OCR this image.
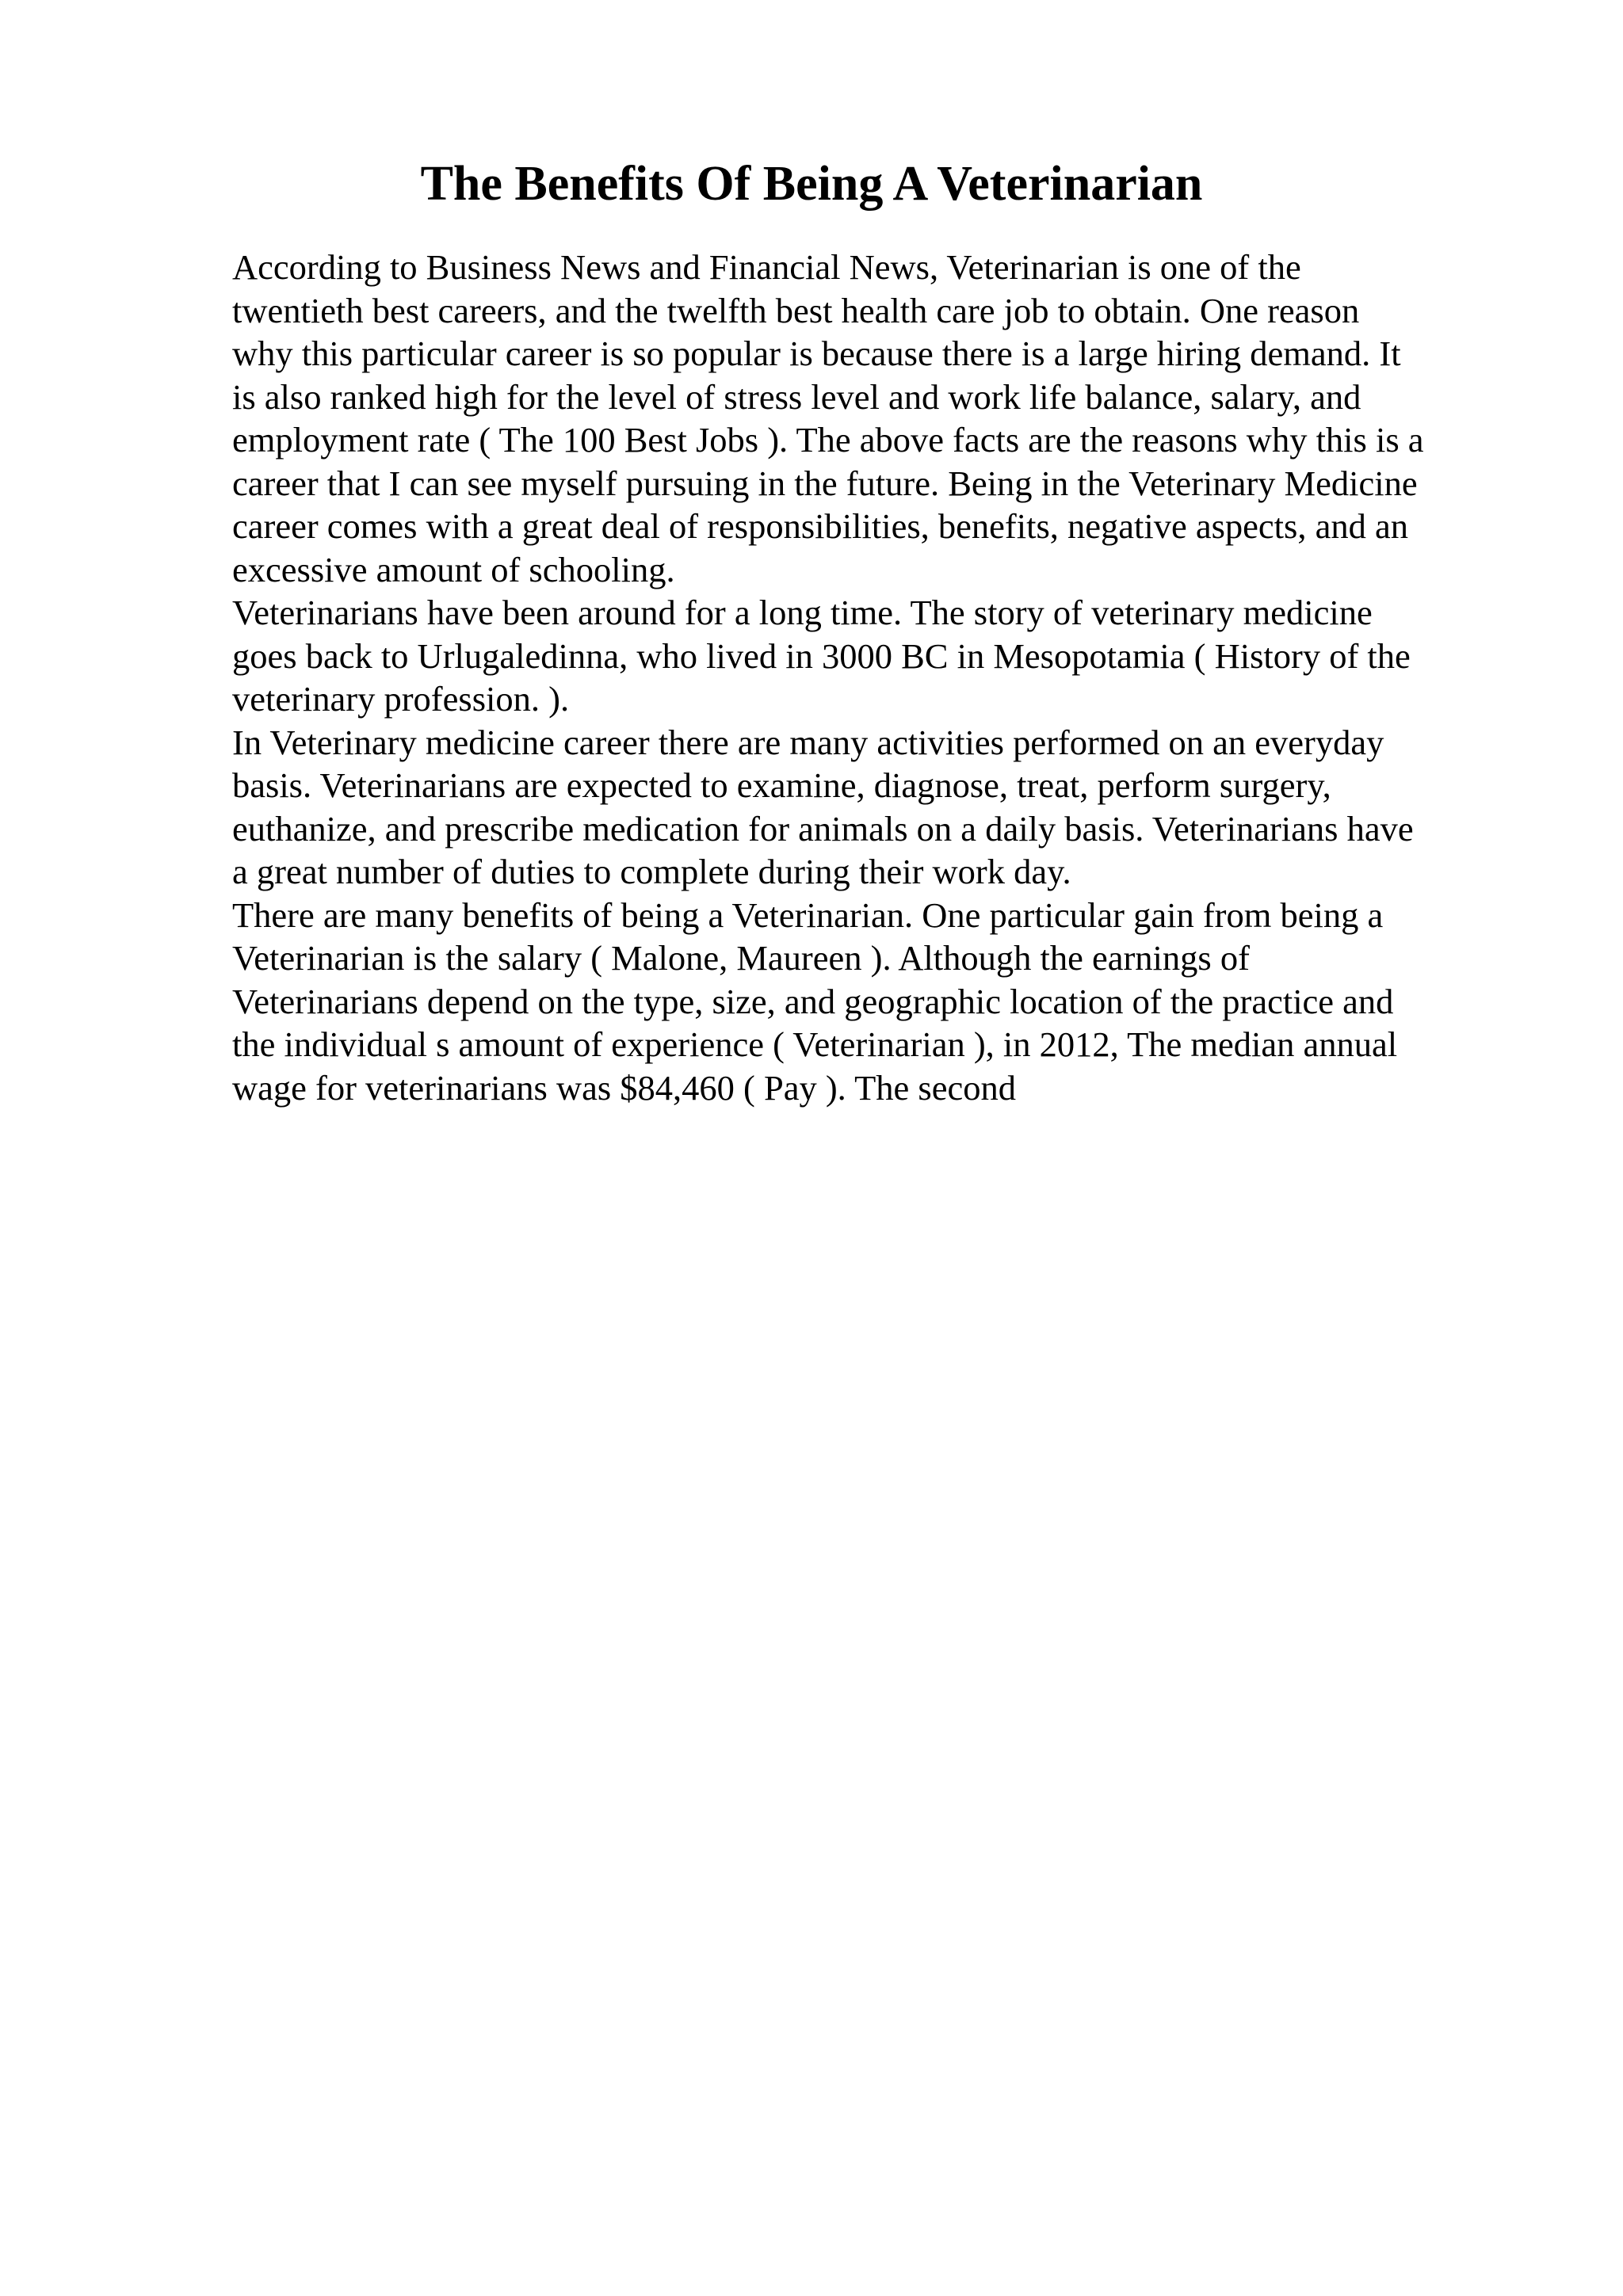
The Benefits Of Being A Veterinarian
According to Business News and Financial News, Veterinarian is one of the
twentieth best careers, and the twelfth best health care job to obtain. One reason
why this particular career is so popular is because there is a large hiring demand. It
is also ranked high for the level of stress level and work life balance, salary, and
employment rate ( The 100 Best Jobs ). The above facts are the reasons why this is a
career that I can see myself pursuing in the future. Being in the Veterinary Medicine
career comes with a great deal of responsibilities, benefits, negative aspects, and an
excessive amount of schooling.
Veterinarians have been around for a long time. The story of veterinary medicine
goes back to Urlugaledinna, who lived in 3000 BC in Mesopotamia ( History of the
veterinary profession. ).
In Veterinary medicine career there are many activities performed on an everyday
basis. Veterinarians are expected to examine, diagnose, treat, perform surgery,
euthanize, and prescribe medication for animals on a daily basis. Veterinarians have
a great number of duties to complete during their work day.
There are many benefits of being a Veterinarian. One particular gain from being a
Veterinarian is the salary ( Malone, Maureen ). Although the earnings of
Veterinarians depend on the type, size, and geographic location of the practice and
the individual s amount of experience ( Veterinarian ), in 2012, The median annual
wage for veterinarians was $84,460 ( Pay ). The second
